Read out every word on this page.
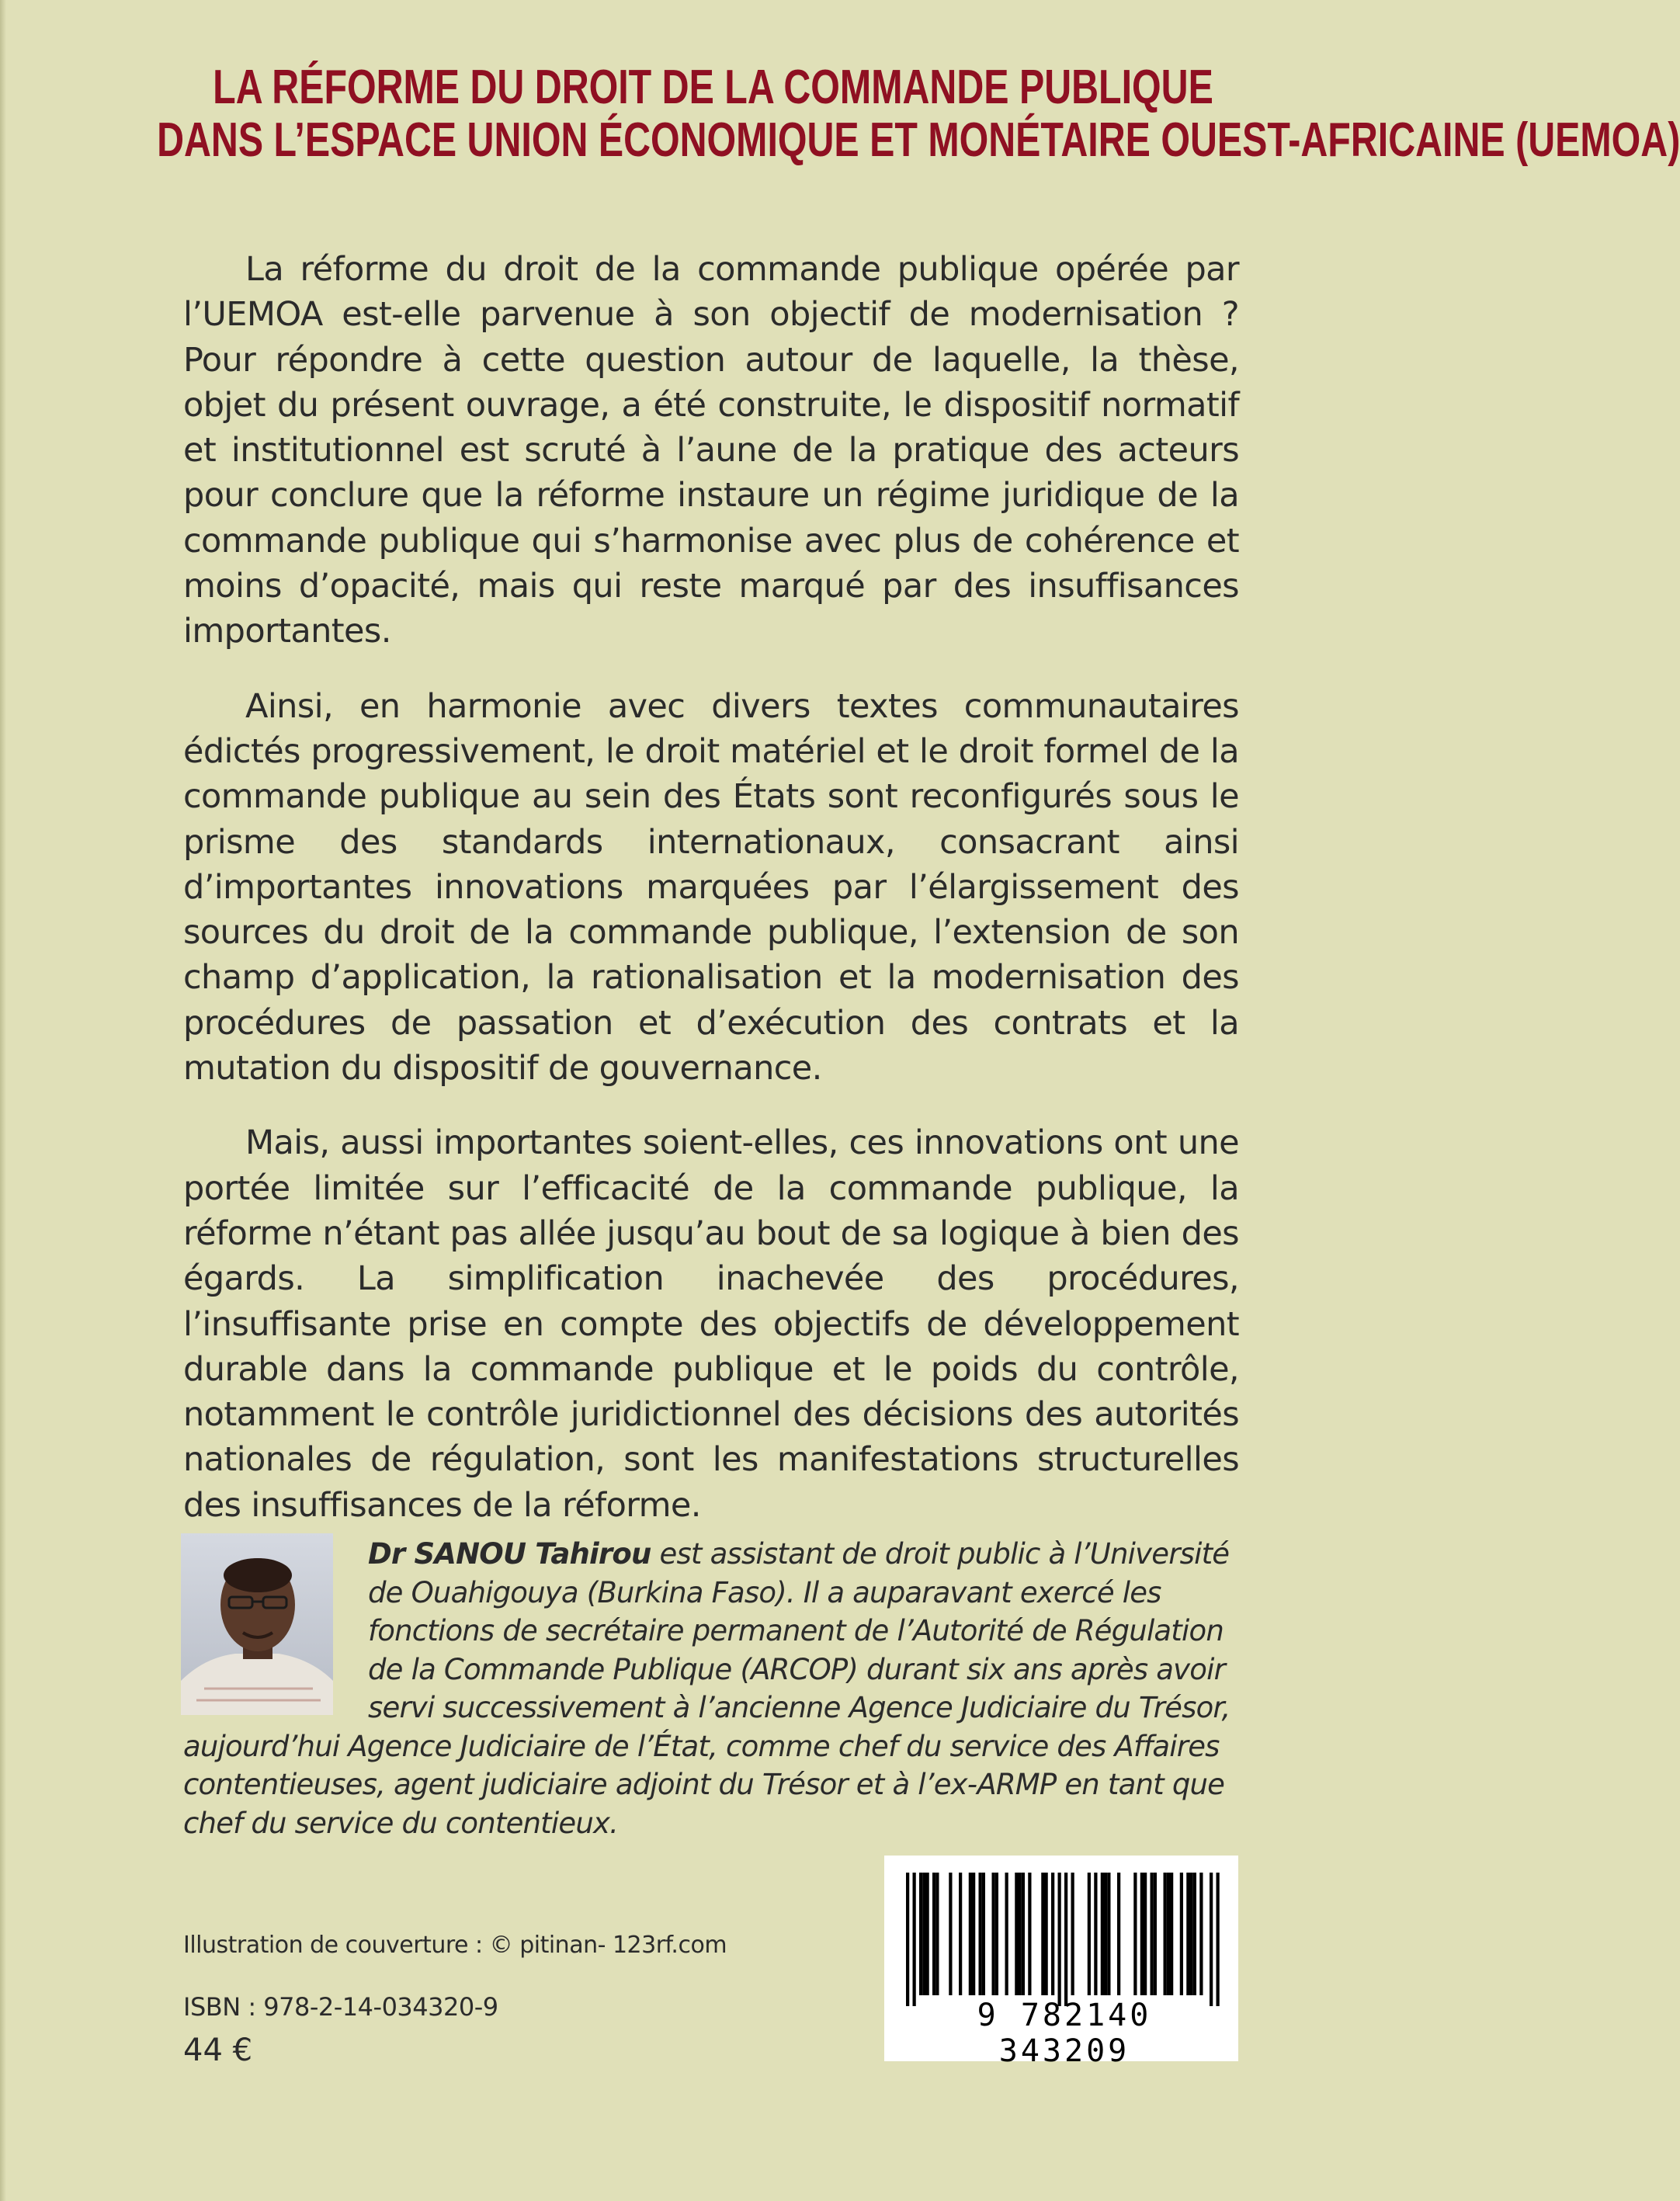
LA RÉFORME DU DROIT DE LA COMMANDE PUBLIQUE
DANS L’ESPACE UNION ÉCONOMIQUE ET MONÉTAIRE OUEST-AFRICAINE (UEMOA)

La réforme du droit de la commande publique opérée par l’UEMOA est-elle parvenue à son objectif de modernisation ? Pour répondre à cette question autour de laquelle, la thèse, objet du présent ouvrage, a été construite, le dispositif normatif et institutionnel est scruté à l’aune de la pratique des acteurs pour conclure que la réforme instaure un régime juridique de la commande publique qui s’harmonise avec plus de cohérence et moins d’opacité, mais qui reste marqué par des insuffisances importantes.

Ainsi, en harmonie avec divers textes communautaires édictés progressivement, le droit matériel et le droit formel de la commande publique au sein des États sont reconfigurés sous le prisme des standards internationaux, consacrant ainsi d’importantes innovations marquées par l’élargissement des sources du droit de la commande publique, l’extension de son champ d’application, la rationalisation et la modernisation des procédures de passation et d’exécution des contrats et la mutation du dispositif de gouvernance.

Mais, aussi importantes soient-elles, ces innovations ont une portée limitée sur l’efficacité de la commande publique, la réforme n’étant pas allée jusqu’au bout de sa logique à bien des égards. La simplification inachevée des procédures, l’insuffisante prise en compte des objectifs de développement durable dans la commande publique et le poids du contrôle, notamment le contrôle juridictionnel des décisions des autorités nationales de régulation, sont les manifestations structurelles des insuffisances de la réforme.

Dr SANOU Tahirou est assistant de droit public à l’Université de Ouahigouya (Burkina Faso). Il a auparavant exercé les fonctions de secrétaire permanent de l’Autorité de Régulation de la Commande Publique (ARCOP) durant six ans après avoir servi successivement à l’ancienne Agence Judiciaire du Trésor, aujourd’hui Agence Judiciaire de l’État, comme chef du service des Affaires contentieuses, agent judiciaire adjoint du Trésor et à l’ex-ARMP en tant que chef du service du contentieux.
Illustration de couverture : © pitinan- 123rf.com
ISBN : 978-2-14-034320-9
44 €
9 782140 343209
